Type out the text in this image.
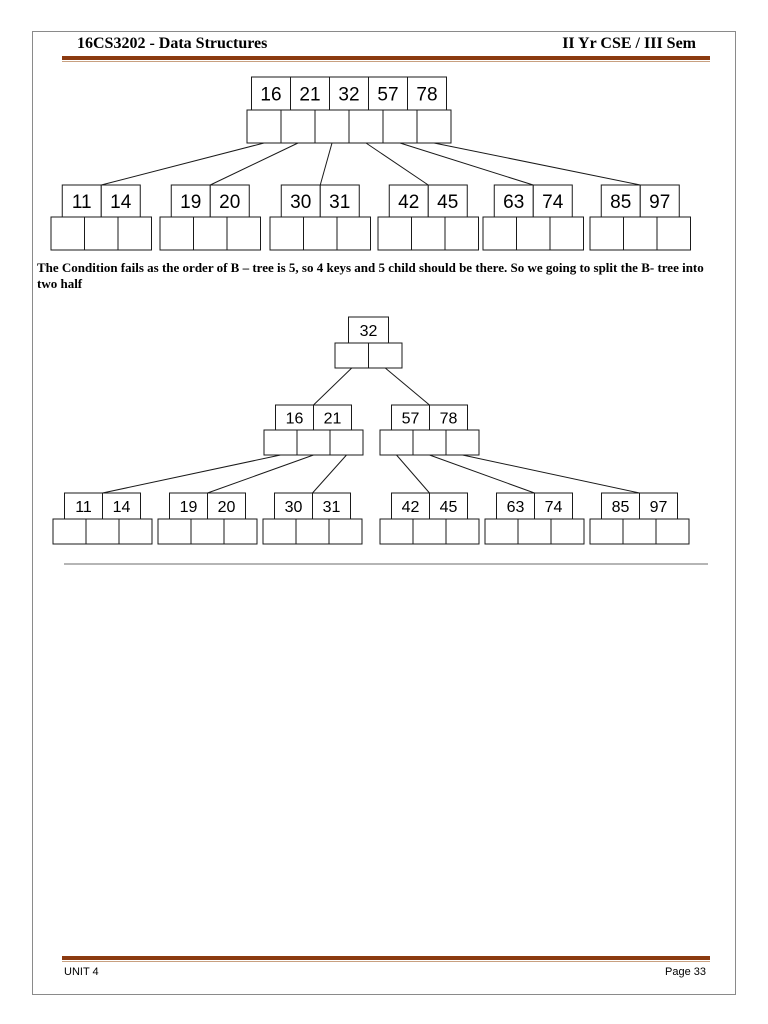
16CS3202 - Data Structures	II Yr CSE / III Sem
16 21 32 57 78
11 14	19 20	30 31	42 45 63 74 85 97
32
16 21	57 78
11 14	19 20	30 31	42 45	63 74	85 97
The Condition fails as the order of B – tree is 5, so 4 keys and 5 child should be there. So we going to split the B- tree into two half
UNIT 4	Page 33
